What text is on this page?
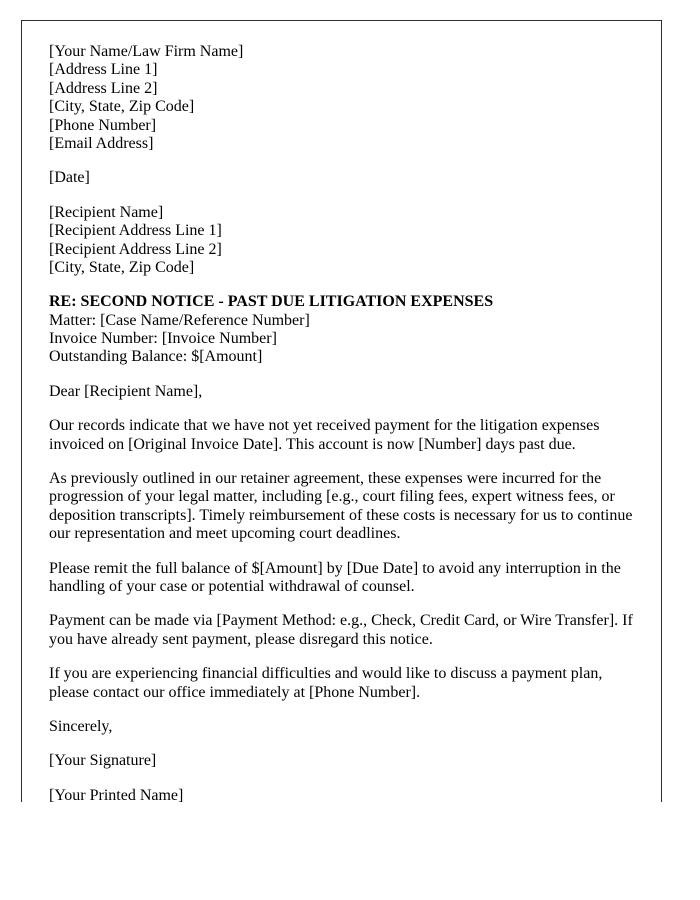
[Your Name/Law Firm Name]
[Address Line 1]
[Address Line 2]
[City, State, Zip Code]
[Phone Number]
[Email Address]

[Date]

[Recipient Name]
[Recipient Address Line 1]
[Recipient Address Line 2]
[City, State, Zip Code]

RE: SECOND NOTICE - PAST DUE LITIGATION EXPENSES
Matter: [Case Name/Reference Number]
Invoice Number: [Invoice Number]
Outstanding Balance: $[Amount]

Dear [Recipient Name],

Our records indicate that we have not yet received payment for the litigation expenses invoiced on [Original Invoice Date]. This account is now [Number] days past due.

As previously outlined in our retainer agreement, these expenses were incurred for the progression of your legal matter, including [e.g., court filing fees, expert witness fees, or deposition transcripts]. Timely reimbursement of these costs is necessary for us to continue our representation and meet upcoming court deadlines.

Please remit the full balance of $[Amount] by [Due Date] to avoid any interruption in the handling of your case or potential withdrawal of counsel.

Payment can be made via [Payment Method: e.g., Check, Credit Card, or Wire Transfer]. If you have already sent payment, please disregard this notice.

If you are experiencing financial difficulties and would like to discuss a payment plan, please contact our office immediately at [Phone Number].

Sincerely,

[Your Signature]

[Your Printed Name]
